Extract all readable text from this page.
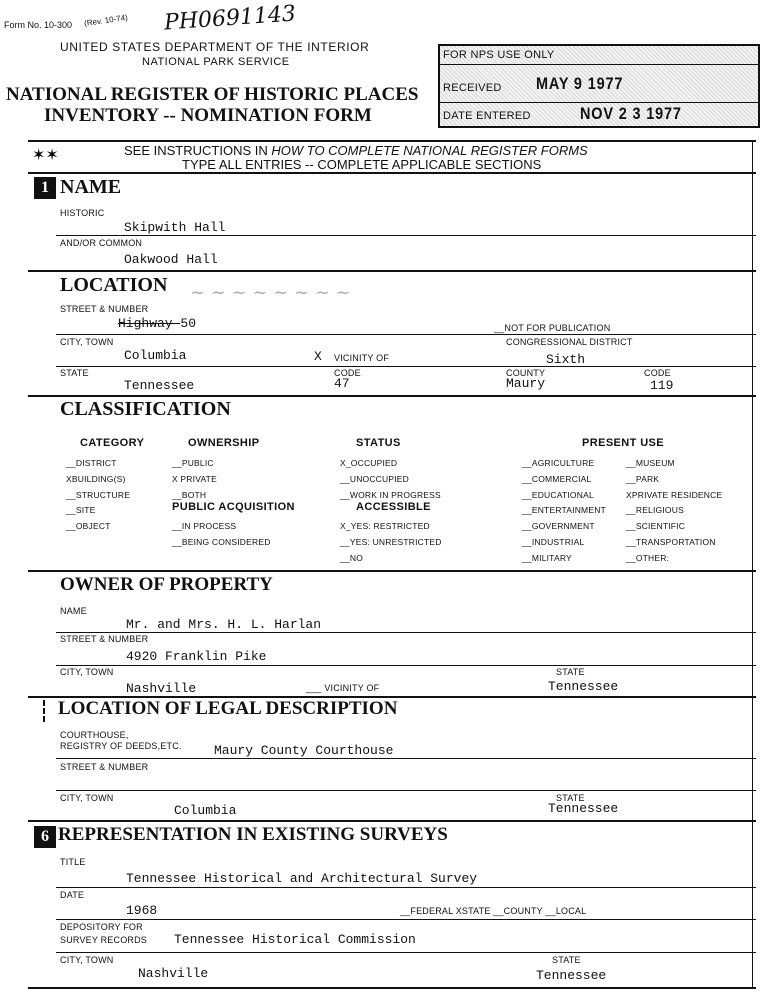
Form No. 10-300 (Rev. 10-74) PH0691143
UNITED STATES DEPARTMENT OF THE INTERIOR
NATIONAL PARK SERVICE
NATIONAL REGISTER OF HISTORIC PLACES
INVENTORY -- NOMINATION FORM
FOR NPS USE ONLY
RECEIVED MAY 9 1977
DATE ENTERED	NOV 2 3 1977
✶✶	SEE INSTRUCTIONS IN HOW TO COMPLETE NATIONAL REGISTER FORMS
TYPE ALL ENTRIES -- COMPLETE APPLICABLE SECTIONS
1 NAME
HISTORIC
Skipwith Hall
AND/OR COMMON
Oakwood Hall
LOCATION
STREET & NUMBER
~ ~ ~ ~ ~ ~ ~ ~
Highway 50	__NOT FOR PUBLICATION
CITY, TOWN	CONGRESSIONAL DISTRICT
Columbia	X VICINITY OF	Sixth
STATE	CODE	COUNTY	CODE
Tennessee	47	Maury	119
CLASSIFICATION
CATEGORY
__DISTRICT
XBUILDING(S)
__STRUCTURE
__SITE
__OBJECT
OWNERSHIP
__PUBLIC
X PRIVATE
__BOTH
PUBLIC ACQUISITION
__IN PROCESS
__BEING CONSIDERED
STATUS
X_OCCUPIED
__UNOCCUPIED
__WORK IN PROGRESS
ACCESSIBLE
X_YES: RESTRICTED
__YES: UNRESTRICTED
__NO
PRESENT USE
__AGRICULTURE
__COMMERCIAL
__EDUCATIONAL
__ENTERTAINMENT
__GOVERNMENT
__INDUSTRIAL
__MILITARY
__MUSEUM
__PARK
XPRIVATE RESIDENCE
__RELIGIOUS
__SCIENTIFIC
__TRANSPORTATION
__OTHER:
OWNER OF PROPERTY
NAME
Mr. and Mrs. H. L. Harlan
STREET & NUMBER
4920 Franklin Pike
CITY, TOWN	STATE
Nashville	___ VICINITY OF	Tennessee
LOCATION OF LEGAL DESCRIPTION
COURTHOUSE,
REGISTRY OF DEEDS,ETC. Maury County Courthouse
STREET & NUMBER
CITY, TOWN	STATE
Columbia	Tennessee
6 REPRESENTATION IN EXISTING SURVEYS
TITLE
Tennessee Historical and Architectural Survey
DATE
1968	__FEDERAL XSTATE __COUNTY __LOCAL
DEPOSITORY FOR
SURVEY RECORDS Tennessee Historical Commission
CITY, TOWN	STATE
Nashville	Tennessee
